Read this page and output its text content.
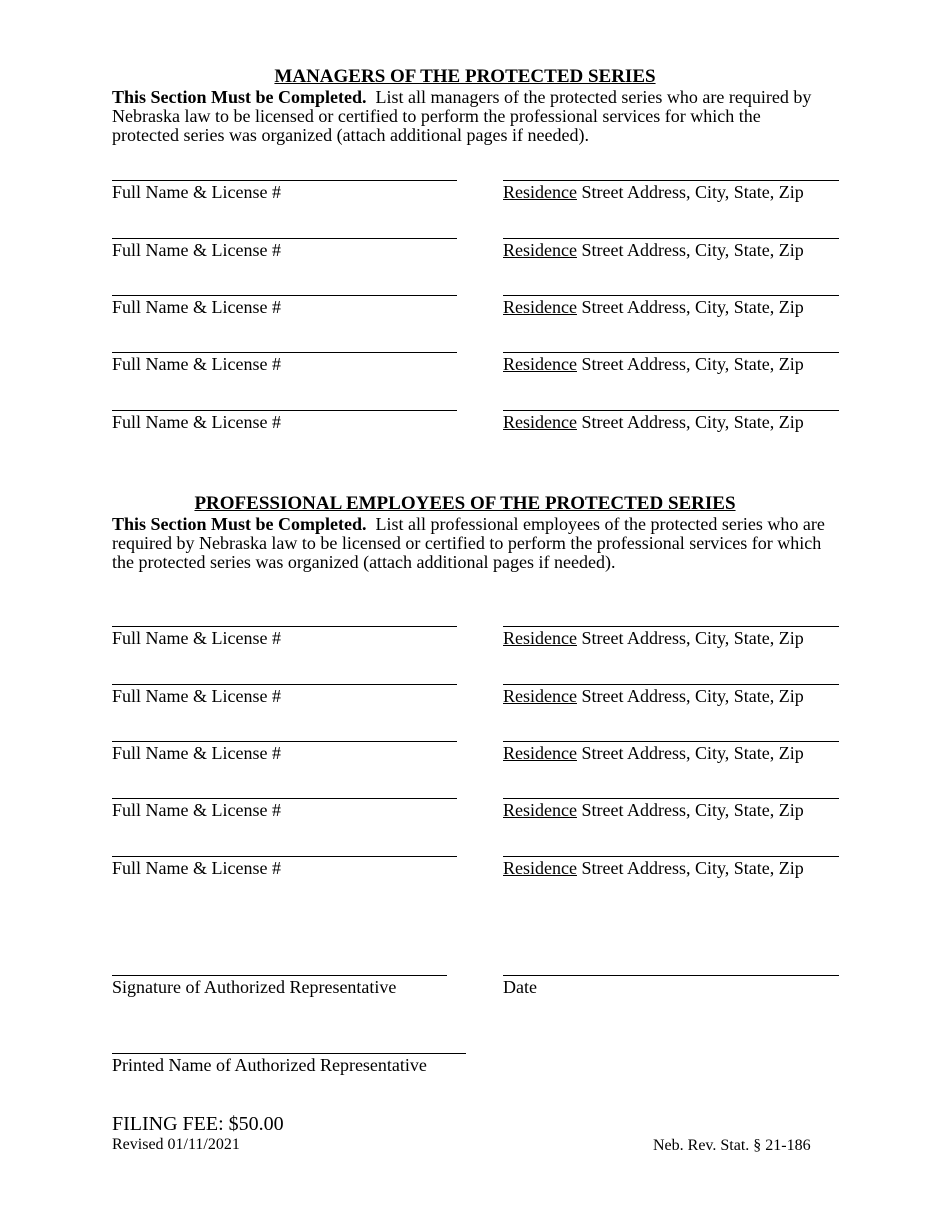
MANAGERS OF THE PROTECTED SERIES
This Section Must be Completed. List all managers of the protected series who are required by Nebraska law to be licensed or certified to perform the professional services for which the protected series was organized (attach additional pages if needed).
Full Name & License #	Residence Street Address, City, State, Zip
Full Name & License #	Residence Street Address, City, State, Zip
Full Name & License #	Residence Street Address, City, State, Zip
Full Name & License #	Residence Street Address, City, State, Zip
Full Name & License #	Residence Street Address, City, State, Zip
PROFESSIONAL EMPLOYEES OF THE PROTECTED SERIES
This Section Must be Completed. List all professional employees of the protected series who are required by Nebraska law to be licensed or certified to perform the professional services for which the protected series was organized (attach additional pages if needed).
Full Name & License #	Residence Street Address, City, State, Zip
Full Name & License #	Residence Street Address, City, State, Zip
Full Name & License #	Residence Street Address, City, State, Zip
Full Name & License #	Residence Street Address, City, State, Zip
Full Name & License #	Residence Street Address, City, State, Zip
Signature of Authorized Representative	Date
Printed Name of Authorized Representative
FILING FEE: $50.00
Revised 01/11/2021	Neb. Rev. Stat. § 21-186
